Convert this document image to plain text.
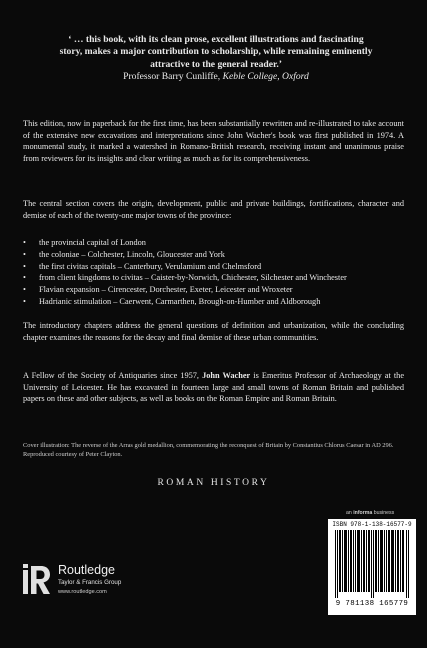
‘ … this book, with its clean prose, excellent illustrations and fascinating story, makes a major contribution to scholarship, while remaining eminently attractive to the general reader.’
Professor Barry Cunliffe, Keble College, Oxford
This edition, now in paperback for the first time, has been substantially rewritten and re-illustrated to take account of the extensive new excavations and interpretations since John Wacher's book was first published in 1974. A monumental study, it marked a watershed in Romano-British research, receiving instant and unanimous praise from reviewers for its insights and clear writing as much as for its comprehensiveness.
The central section covers the origin, development, public and private buildings, fortifications, character and demise of each of the twenty-one major towns of the province:
• the provincial capital of London
• the coloniae – Colchester, Lincoln, Gloucester and York
• the first civitas capitals – Canterbury, Verulamium and Chelmsford
• from client kingdoms to civitas – Caister-by-Norwich, Chichester, Silchester and Winchester
• Flavian expansion – Cirencester, Dorchester, Exeter, Leicester and Wroxeter
• Hadrianic stimulation – Caerwent, Carmarthen, Brough-on-Humber and Aldborough
The introductory chapters address the general questions of definition and urbanization, while the concluding chapter examines the reasons for the decay and final demise of these urban communities.
A Fellow of the Society of Antiquaries since 1957, John Wacher is Emeritus Professor of Archaeology at the University of Leicester. He has excavated in fourteen large and small towns of Roman Britain and published papers on these and other subjects, as well as books on the Roman Empire and Roman Britain.
Cover illustration: The reverse of the Arras gold medallion, commemorating the reconquest of Britain by Constantius Chlorus Caesar in AD 296. Reproduced courtesy of Peter Clayton.
ROMAN HISTORY
an informa business
ISBN 978-1-138-16577-9
9 781138 165779
Routledge
Taylor & Francis Group
www.routledge.com
